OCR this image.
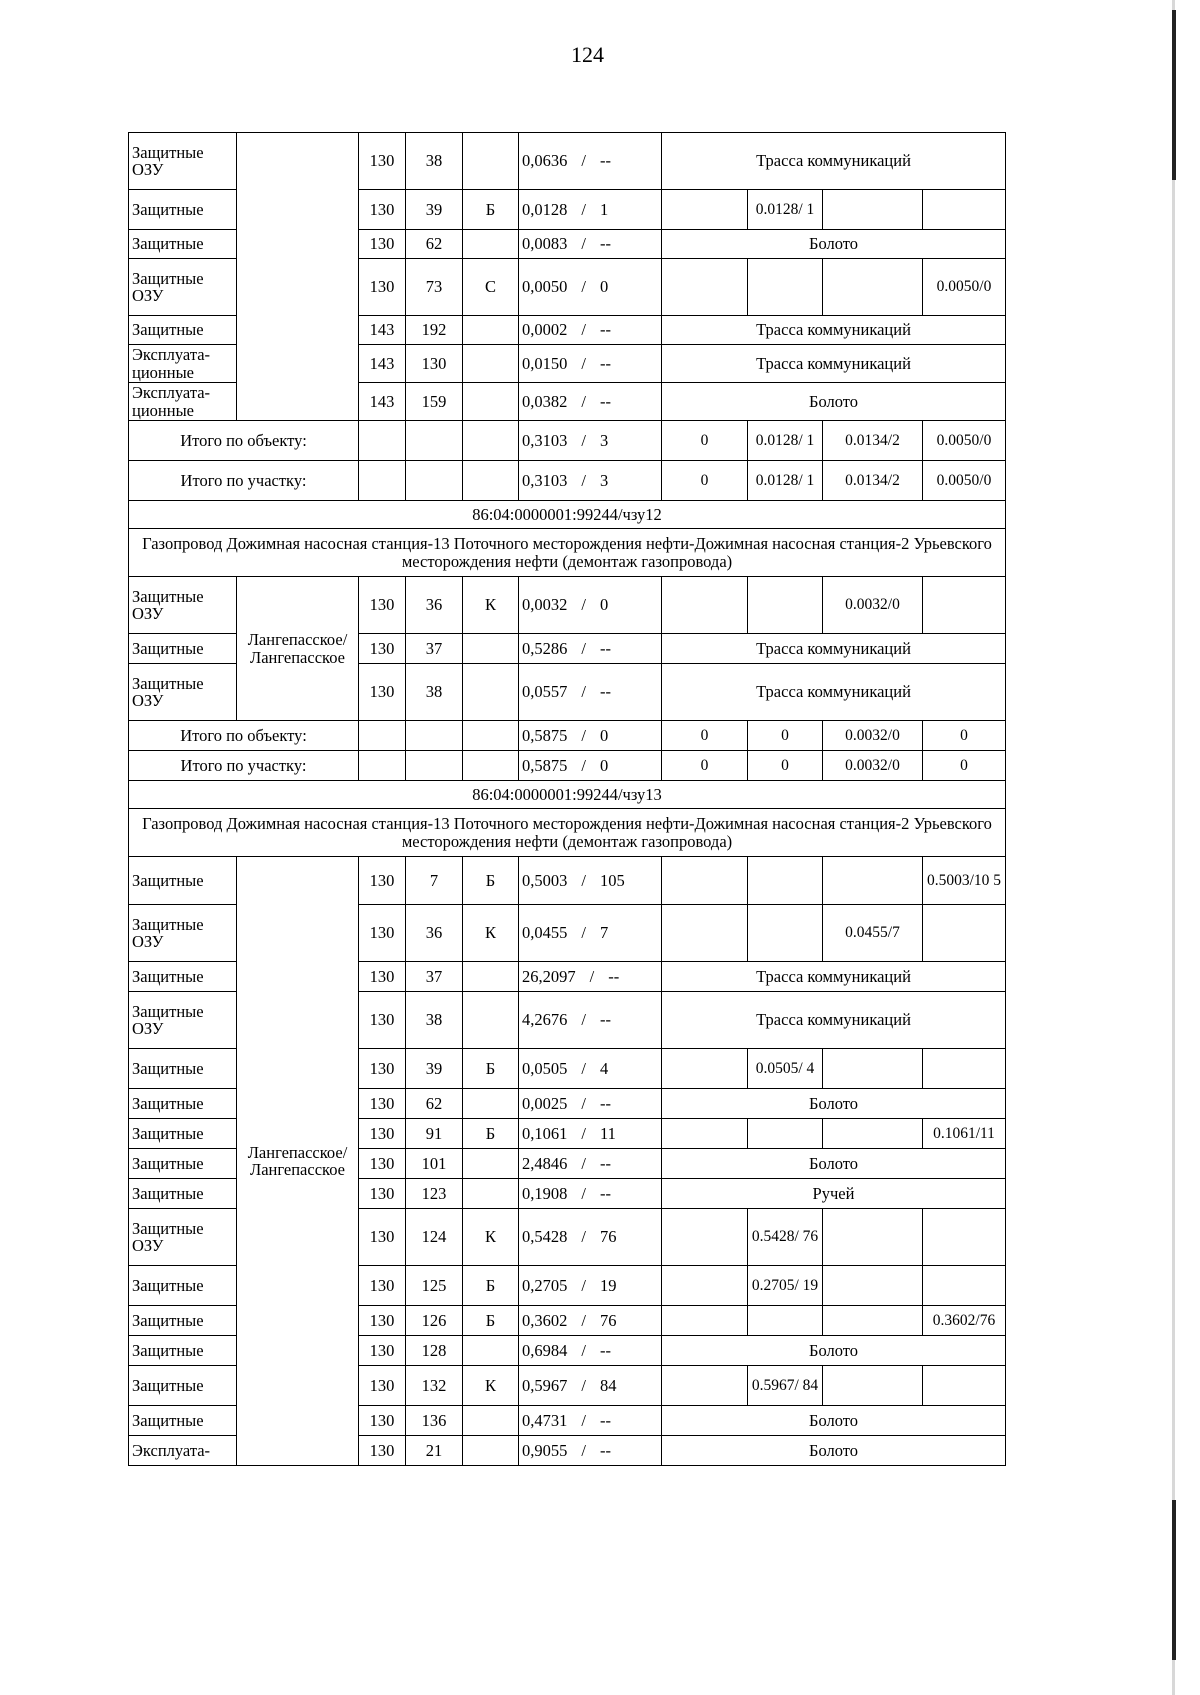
124
Защитные ОЗУ		130	38		0,0636 / --	Трасса коммуникаций			
Защитные		130	39	Б	0,0128 / 1		0.0128/ 1		
Защитные		130	62		0,0083 / --	Болото			
Защитные ОЗУ		130	73	С	0,0050 / 0				0.0050/0
Защитные		143	192		0,0002 / --	Трасса коммуникаций			
Эксплуата-ционные		143	130		0,0150 / --	Трасса коммуникаций			
Эксплуата-ционные		143	159		0,0382 / --	Болото			
Итого по объекту:					0,3103 / 3	0	0.0128/ 1	0.0134/2	0.0050/0
Итого по участку:					0,3103 / 3	0	0.0128/ 1	0.0134/2	0.0050/0
86:04:0000001:99244/чзу12									
Газопровод Дожимная насосная станция-13 Поточного месторождения нефти-Дожимная насосная станция-2 Урьевского месторождения нефти (демонтаж газопровода)									
Защитные ОЗУ	Лангепасское/ Лангепасское	130	36	К	0,0032 / 0			0.0032/0	
Защитные		130	37		0,5286 / --	Трасса коммуникаций			
Защитные ОЗУ		130	38		0,0557 / --	Трасса коммуникаций			
Итого по объекту:					0,5875 / 0	0	0	0.0032/0	0
Итого по участку:					0,5875 / 0	0	0	0.0032/0	0
86:04:0000001:99244/чзу13									
Газопровод Дожимная насосная станция-13 Поточного месторождения нефти-Дожимная насосная станция-2 Урьевского месторождения нефти (демонтаж газопровода)									
Защитные	Лангепасское/ Лангепасское	130	7	Б	0,5003 / 105				0.5003/10 5
Защитные ОЗУ		130	36	К	0,0455 / 7			0.0455/7	
Защитные		130	37		26,2097 / --	Трасса коммуникаций			
Защитные ОЗУ		130	38		4,2676 / --	Трасса коммуникаций			
Защитные		130	39	Б	0,0505 / 4		0.0505/ 4		
Защитные		130	62		0,0025 / --	Болото			
Защитные		130	91	Б	0,1061 / 11				0.1061/11
Защитные		130	101		2,4846 / --	Болото			
Защитные		130	123		0,1908 / --	Ручей			
Защитные ОЗУ		130	124	К	0,5428 / 76		0.5428/ 76		
Защитные		130	125	Б	0,2705 / 19		0.2705/ 19		
Защитные		130	126	Б	0,3602 / 76				0.3602/76
Защитные		130	128		0,6984 / --	Болото			
Защитные		130	132	К	0,5967 / 84		0.5967/ 84		
Защитные		130	136		0,4731 / --	Болото			
Эксплуата-		130	21		0,9055 / --	Болото			
